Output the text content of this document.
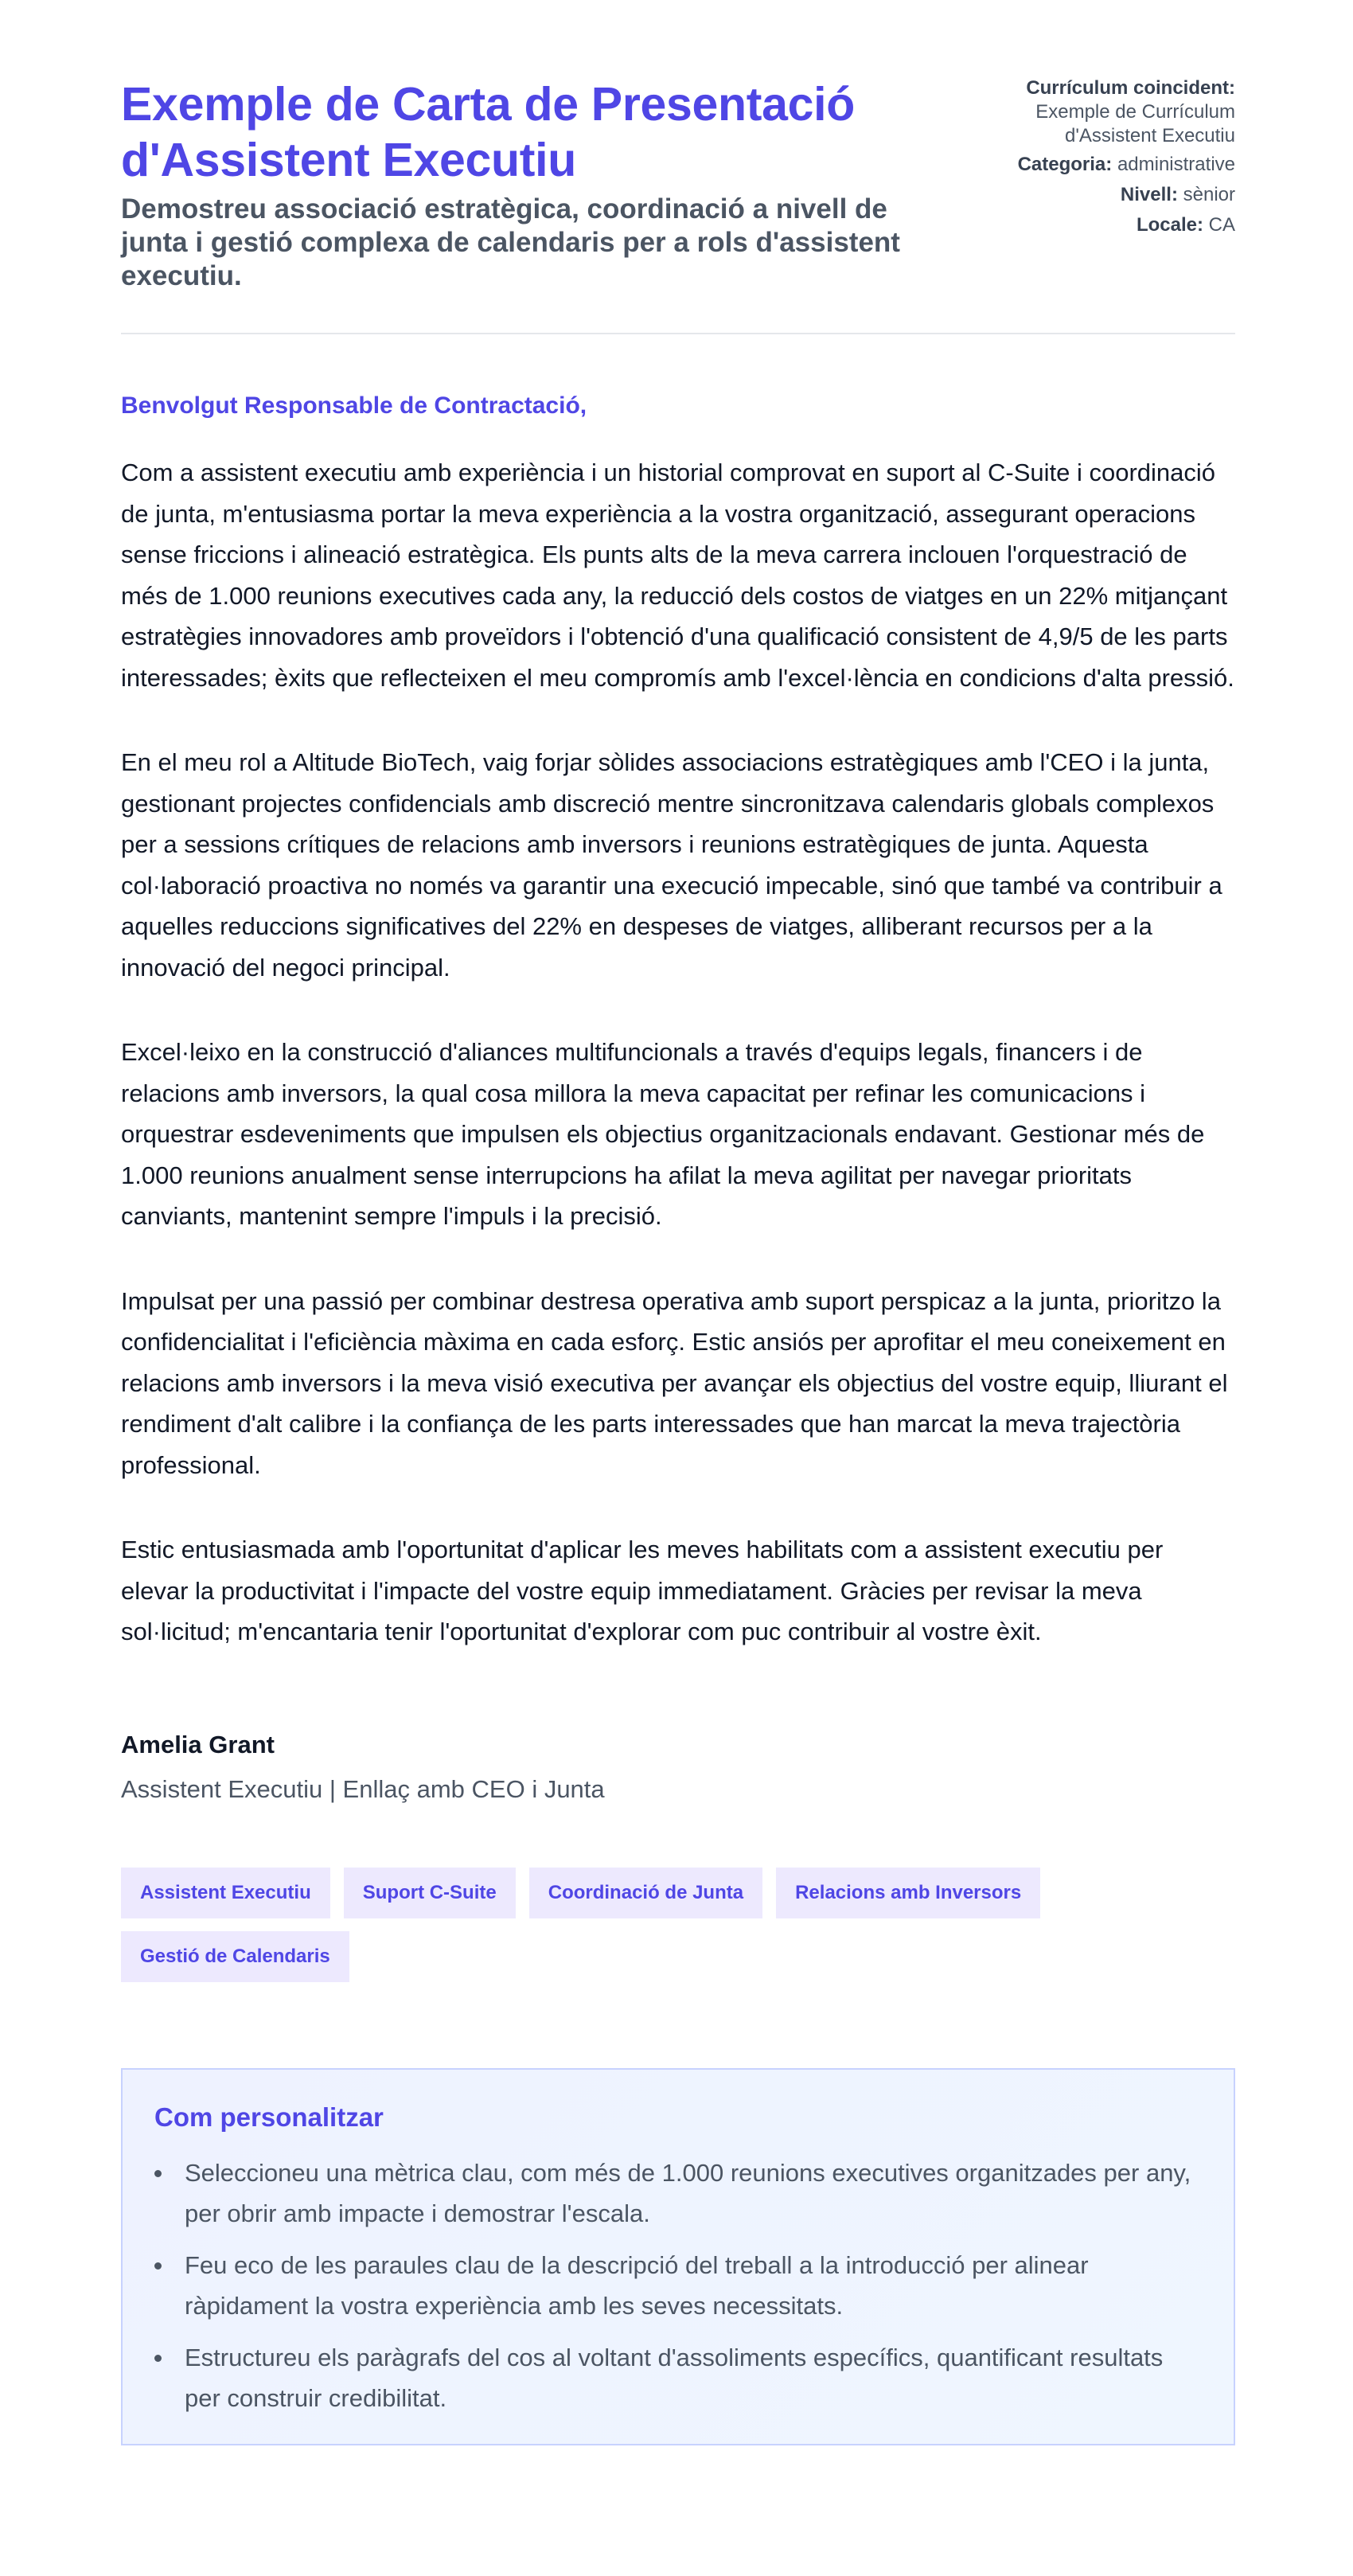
Exemple de Carta de Presentació d'Assistent Executiu

Demostreu associació estratègica, coordinació a nivell de junta i gestió complexa de calendaris per a rols d'assistent executiu.

Currículum coincident:
Exemple de Currículum d'Assistent Executiu
Categoria: administrative
Nivell: sènior
Locale: CA

Benvolgut Responsable de Contractació,

Com a assistent executiu amb experiència i un historial comprovat en suport al C-Suite i coordinació de junta, m'entusiasma portar la meva experiència a la vostra organització, assegurant operacions sense friccions i alineació estratègica. Els punts alts de la meva carrera inclouen l'orquestració de més de 1.000 reunions executives cada any, la reducció dels costos de viatges en un 22% mitjançant estratègies innovadores amb proveïdors i l'obtenció d'una qualificació consistent de 4,9/5 de les parts interessades; èxits que reflecteixen el meu compromís amb l'excel·lència en condicions d'alta pressió.

En el meu rol a Altitude BioTech, vaig forjar sòlides associacions estratègiques amb l'CEO i la junta, gestionant projectes confidencials amb discreció mentre sincronitzava calendaris globals complexos per a sessions crítiques de relacions amb inversors i reunions estratègiques de junta. Aquesta col·laboració proactiva no només va garantir una execució impecable, sinó que també va contribuir a aquelles reduccions significatives del 22% en despeses de viatges, alliberant recursos per a la innovació del negoci principal.

Excel·leixo en la construcció d'aliances multifuncionals a través d'equips legals, financers i de relacions amb inversors, la qual cosa millora la meva capacitat per refinar les comunicacions i orquestrar esdeveniments que impulsen els objectius organitzacionals endavant. Gestionar més de 1.000 reunions anualment sense interrupcions ha afilat la meva agilitat per navegar prioritats canviants, mantenint sempre l'impuls i la precisió.

Impulsat per una passió per combinar destresa operativa amb suport perspicaz a la junta, prioritzo la confidencialitat i l'eficiència màxima en cada esforç. Estic ansiós per aprofitar el meu coneixement en relacions amb inversors i la meva visió executiva per avançar els objectius del vostre equip, lliurant el rendiment d'alt calibre i la confiança de les parts interessades que han marcat la meva trajectòria professional.

Estic entusiasmada amb l'oportunitat d'aplicar les meves habilitats com a assistent executiu per elevar la productivitat i l'impacte del vostre equip immediatament. Gràcies per revisar la meva sol·licitud; m'encantaria tenir l'oportunitat d'explorar com puc contribuir al vostre èxit.

Amelia Grant
Assistent Executiu | Enllaç amb CEO i Junta
Assistent Executiu	Suport C-Suite	Coordinació de Junta	Relacions amb Inversors
Gestió de Calendaris
Com personalitzar
Seleccioneu una mètrica clau, com més de 1.000 reunions executives organitzades per any, per obrir amb impacte i demostrar l'escala.
Feu eco de les paraules clau de la descripció del treball a la introducció per alinear ràpidament la vostra experiència amb les seves necessitats.
Estructureu els paràgrafs del cos al voltant d'assoliments específics, quantificant resultats per construir credibilitat.
